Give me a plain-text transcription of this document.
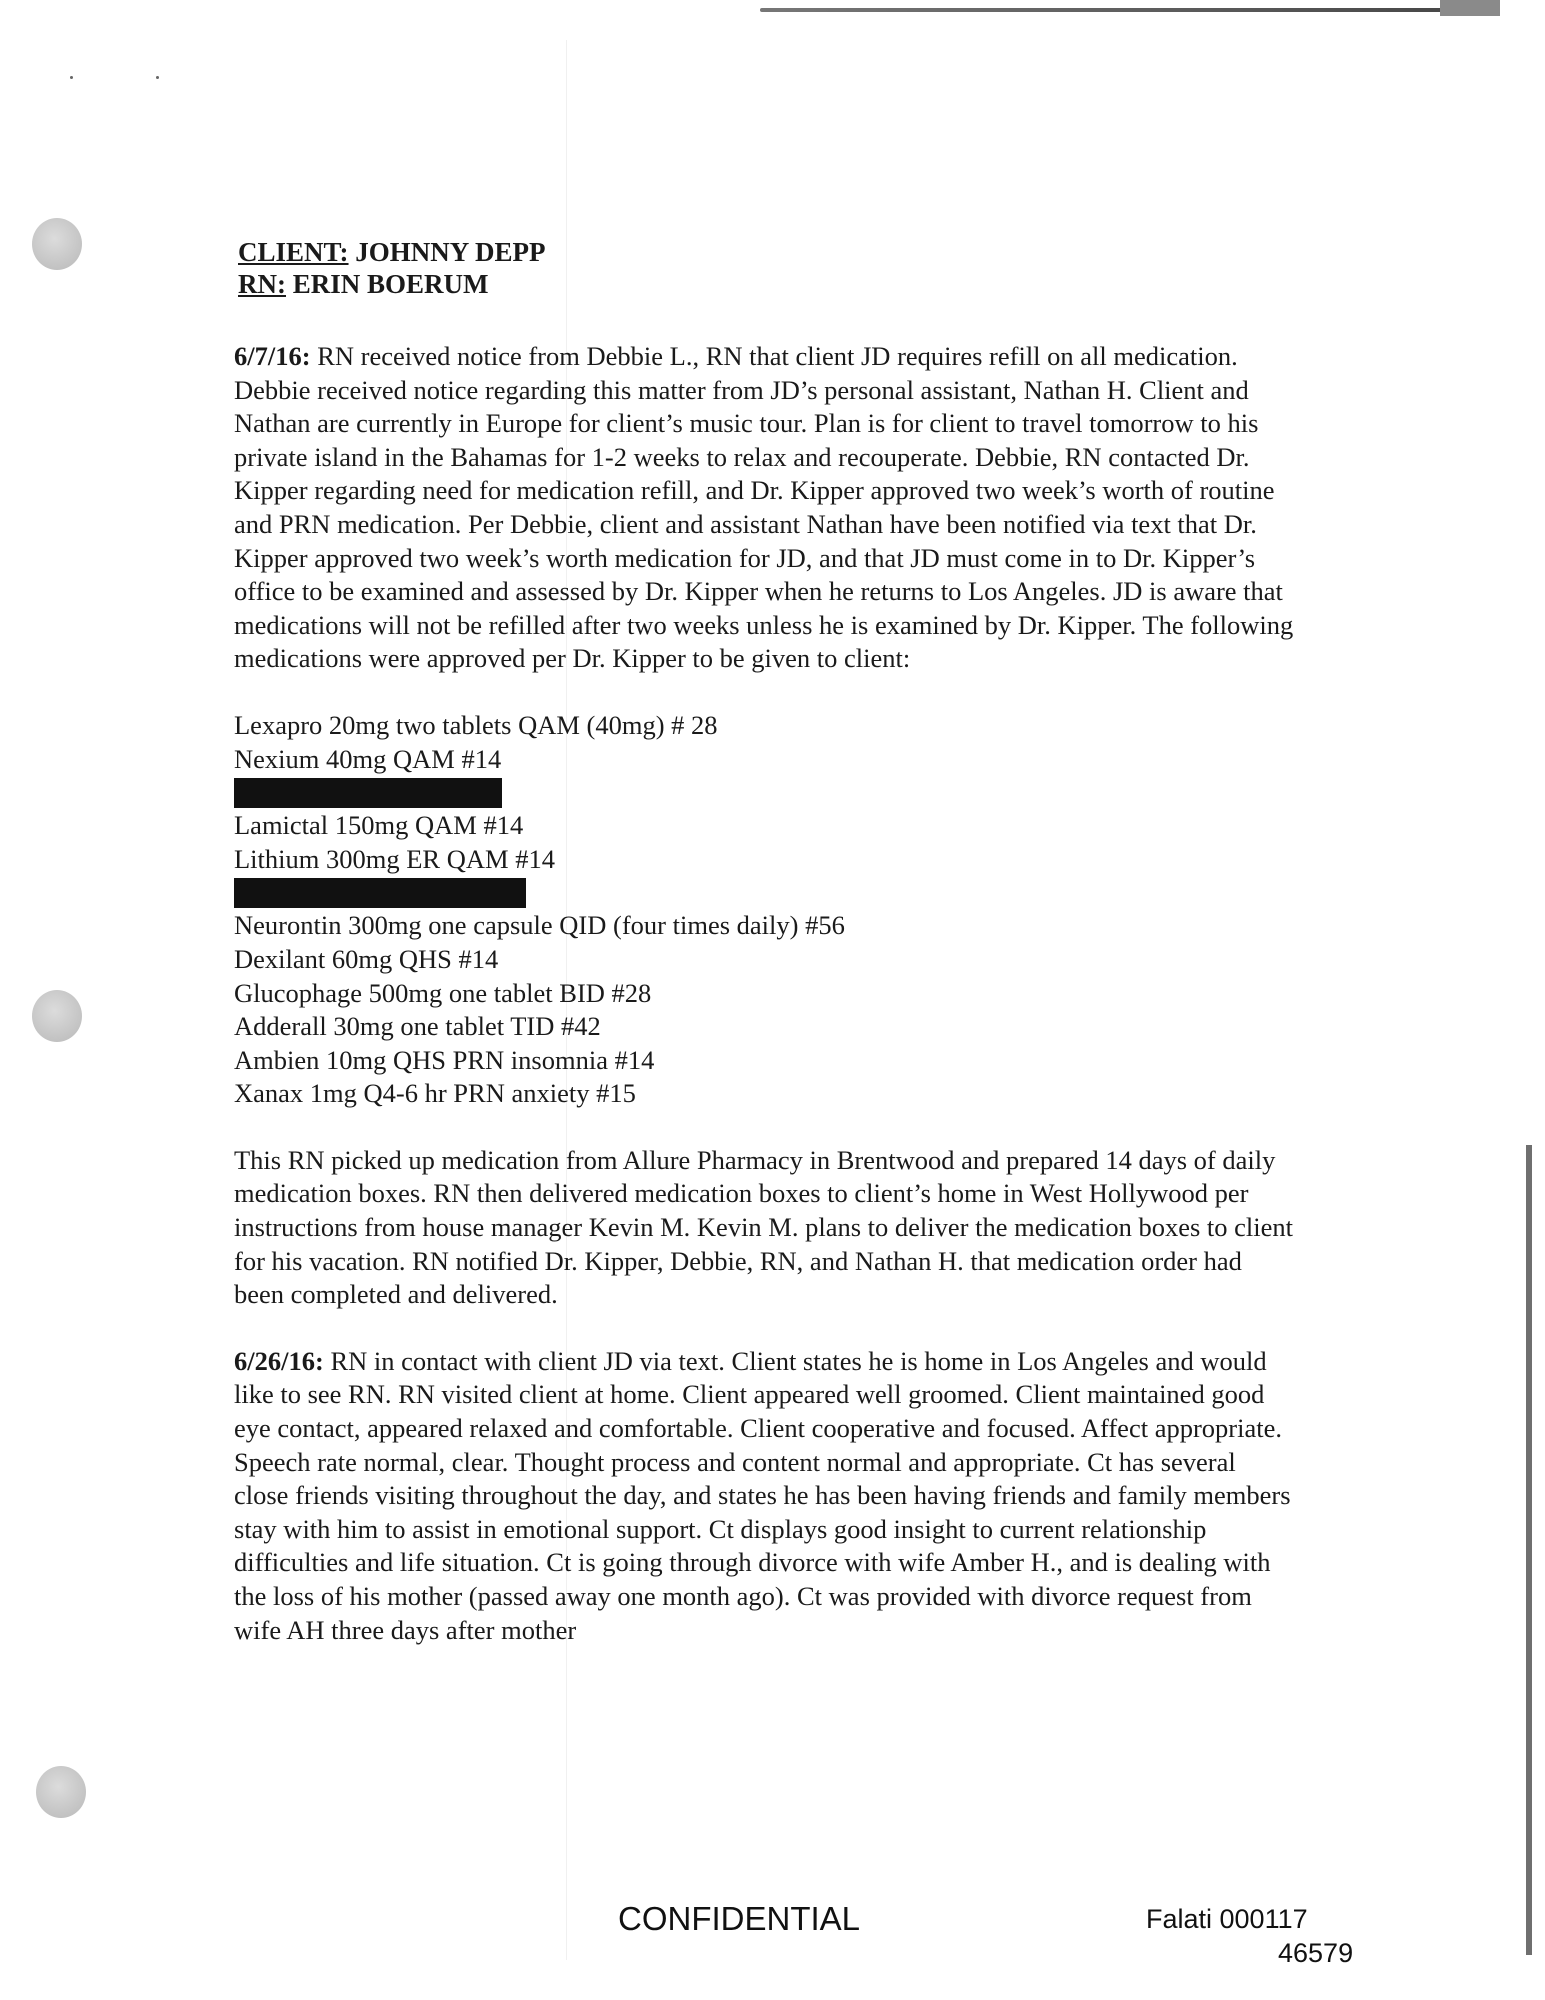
CLIENT: JOHNNY DEPP
RN: ERIN BOERUM

6/7/16: RN received notice from Debbie L., RN that client JD requires refill on all medication. Debbie received notice regarding this matter from JD’s personal assistant, Nathan H. Client and Nathan are currently in Europe for client’s music tour. Plan is for client to travel tomorrow to his private island in the Bahamas for 1-2 weeks to relax and recouperate. Debbie, RN contacted Dr. Kipper regarding need for medication refill, and Dr. Kipper approved two week’s worth of routine and PRN medication. Per Debbie, client and assistant Nathan have been notified via text that Dr. Kipper approved two week’s worth medication for JD, and that JD must come in to Dr. Kipper’s office to be examined and assessed by Dr. Kipper when he returns to Los Angeles. JD is aware that medications will not be refilled after two weeks unless he is examined by Dr. Kipper. The following medications were approved per Dr. Kipper to be given to client:

Lexapro 20mg two tablets QAM (40mg) # 28
Nexium 40mg QAM #14
Lamictal 150mg QAM #14
Lithium 300mg ER QAM #14
Neurontin 300mg one capsule QID (four times daily) #56
Dexilant 60mg QHS #14
Glucophage 500mg one tablet BID #28
Adderall 30mg one tablet TID #42
Ambien 10mg QHS PRN insomnia #14
Xanax 1mg Q4-6 hr PRN anxiety #15

This RN picked up medication from Allure Pharmacy in Brentwood and prepared 14 days of daily medication boxes. RN then delivered medication boxes to client’s home in West Hollywood per instructions from house manager Kevin M. Kevin M. plans to deliver the medication boxes to client for his vacation. RN notified Dr. Kipper, Debbie, RN, and Nathan H. that medication order had been completed and delivered.

6/26/16: RN in contact with client JD via text. Client states he is home in Los Angeles and would like to see RN. RN visited client at home. Client appeared well groomed. Client maintained good eye contact, appeared relaxed and comfortable. Client cooperative and focused. Affect appropriate. Speech rate normal, clear. Thought process and content normal and appropriate. Ct has several close friends visiting throughout the day, and states he has been having friends and family members stay with him to assist in emotional support. Ct displays good insight to current relationship difficulties and life situation. Ct is going through divorce with wife Amber H., and is dealing with the loss of his mother (passed away one month ago). Ct was provided with divorce request from wife AH three days after mother

CONFIDENTIAL	Falati 000117
46579
